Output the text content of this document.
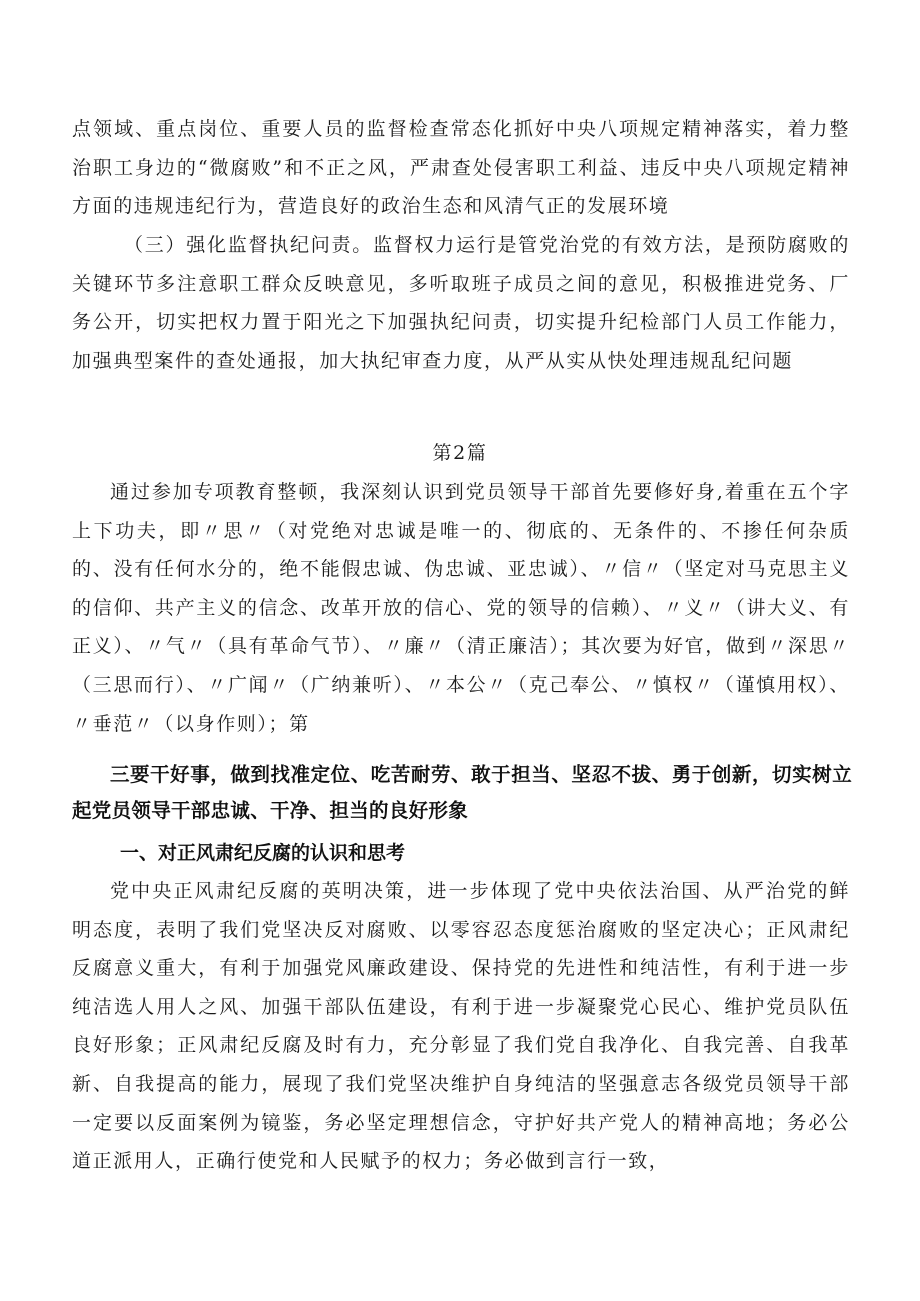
点领域、重点岗位、重要人员的监督检查常态化抓好中央八项规定精神落实，着力整治职工身边的“微腐败”和不正之风，严肃查处侵害职工利益、违反中央八项规定精神方面的违规违纪行为，营造良好的政治生态和风清气正的发展环境

（三）强化监督执纪问责。监督权力运行是管党治党的有效方法，是预防腐败的关键环节多注意职工群众反映意见，多听取班子成员之间的意见，积极推进党务、厂务公开，切实把权力置于阳光之下加强执纪问责，切实提升纪检部门人员工作能力，加强典型案件的查处通报，加大执纪审查力度，从严从实从快处理违规乱纪问题

第2篇

通过参加专项教育整顿，我深刻认识到党员领导干部首先要修好身,着重在五个字上下功夫，即〃思〃（对党绝对忠诚是唯一的、彻底的、无条件的、不掺任何杂质的、没有任何水分的，绝不能假忠诚、伪忠诚、亚忠诚）、〃信〃（坚定对马克思主义的信仰、共产主义的信念、改革开放的信心、党的领导的信赖）、〃义〃（讲大义、有正义）、〃气〃（具有革命气节）、〃廉〃（清正廉洁）；其次要为好官，做到〃深思〃（三思而行）、〃广闻〃（广纳兼听）、〃本公〃（克己奉公、〃慎权〃（谨慎用权）、〃垂范〃（以身作则）；第

三要干好事，做到找准定位、吃苦耐劳、敢于担当、坚忍不拔、勇于创新，切实树立起党员领导干部忠诚、干净、担当的良好形象

一、对正风肃纪反腐的认识和思考

党中央正风肃纪反腐的英明决策，进一步体现了党中央依法治国、从严治党的鲜明态度，表明了我们党坚决反对腐败、以零容忍态度惩治腐败的坚定决心；正风肃纪反腐意义重大，有利于加强党风廉政建设、保持党的先进性和纯洁性，有利于进一步纯洁选人用人之风、加强干部队伍建设，有利于进一步凝聚党心民心、维护党员队伍良好形象；正风肃纪反腐及时有力，充分彰显了我们党自我净化、自我完善、自我革新、自我提高的能力，展现了我们党坚决维护自身纯洁的坚强意志各级党员领导干部一定要以反面案例为镜鉴，务必坚定理想信念，守护好共产党人的精神高地；务必公道正派用人，正确行使党和人民赋予的权力；务必做到言行一致，
